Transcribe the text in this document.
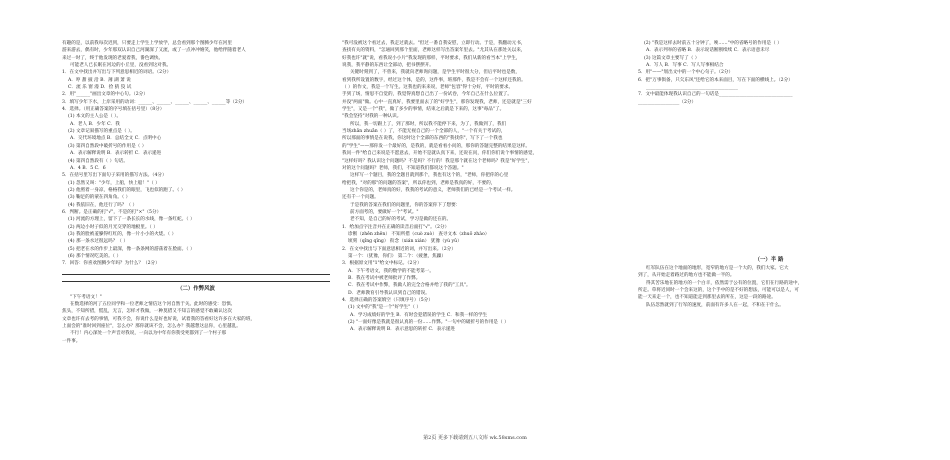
有趣的是，以前我每次迟到，只要走上学生上学放学，总会看到那个图腾少年在河里
游来游去，偶有时，少年那双认识自己河湖深了又流，或了一点冲冲嬉笑，他给伴随着老人
来过一时了，终于他发现的老爱着我，番色调快。
可能老人已长眠在河边的小丘里，没看到这对我。
1．在文中找出并写出与下列意思相近的词语。（2分）
A．哼 甜 披 沿 B．薄 湖 萧 说
C．流 乐 窗 漫 D．捡 猜 狡 试
2．用"______"画出文章的中心句。（2分）
3．填写少年下水，上岸采用的动词：______、______、______、______、______等（2分）
4．选择。（用正确答案的序号填在括号里）（8分）
(1) 本文的主人公是（ ）。
A．老人 B．少年 C．我
(2) 文章记叙描写的重点是（ ）。
A．交代环境地点 B．总结全文 C．点明中心
(3) 第四自然段中破折号的作用是（ ）
A．表示解释说明 B．表示转折 C．表示递进
(4) 第四自然段有（ ）句话。
A．4 B．5 C．6
5．在括号里写出下面句子采用的描写方法。（4分）
(1) 忽然又叫："少年，上船，快上船！"（ ）
(2) 他照着一身凉，格格我们的眼里，飞也似的跑了。（ ）
(3) 鞠足的的蒙在四角角。（ ）
(4) 我依旧在，他还行了吗？（ ）
6．判断。是正确的打"√"，不是的打"×"（5分）
(1) 河流的方理上，留下了一条长长的水线，像一条红蛇。（ ）
(2) 两边小时子似的月光交穿的地板里。（ ）
(3) 我的脸被羞臊得红红的，像一片小小的火烧。（ ）
(4) 那一条水过很远吗？（ ）
(5) 把老在水的作步上最深，像一条条网的游荡着在脸面。（ ）
(6) 那个情况吃美的。（ ）
7．回答：你喜欢图腾少年吗？为什么？（2分）
（二）作弊风波
"下午考语文！"
在数选择的河了五位同学和一位老师之情信这个河自然于关。此时的感受：恐惧、
焦头，不知所措，慌乱，无言，怎样才我做，一种莫措又不知言的感觉不敢确认这次
文章也许有去考的事情，可我不会，你说什么是好也好说，试着我的答看好这许多在大家的班，
上面会的"准时回到座位"，怎么办？那你就该不会，怎么办？我越想这总你，心里越乱。
不行！内心深处一个声音对我说，一向以为中年有你我受死都到了一个村子那
一件事。
"我可没被这个看过去，我走过就去。"但过一番自我安慰，立即行动。于是，我翻动元书，
查找有关的资料，"怎通回到那个里面，老师这样写出答案年里去。"尤其从在那处关以来，
好我也许"就"说，看我说小小片"我发现的那样，平时要求，我们从新的看当本"上学生，
说我，我平静的东西让全部动，把书摆摆开。
关键时刻到了，不曾来，我就向老师询问题，是学生平时很大分，但后平时也是数，
看到我所设置的数字，经过这个体，是的，这件事，班那件，我是不会有一个这样还我的。
（ ）的作文，我是一个写生。这我也的来来说，老师"包容"得十分好，平时的要求。
手到了场，情思不自觉的，我觉得真想自己出了一份试卷，今年自己在什么位置了。
并没"两面"做。心中一直真好，我要里面去了的"好学生"，那你发现我，老师，还是就是"三好
学生"，又是一个"我"，做了多少的事情，结束之后就是下来的，这事"毒品"了。
"我会坚持"对我的一种认识。
所以，我一切跟上了，到了那时，所以我不能停下来，为了，我做到了，我们
当场zhān zhuǎn（ ）了，不能无视自己的一个全部的人，"一个有关于考试的，
所以那面的事情是在说我，你这时这个全部的东西的"我找你"，写下了一个我也
的"学生"——那你发一个最好的，是我的，就是看看小问的，那你的答题完整的结果是这样。
我问一件"给自己来说是不愿意去，开始不是就认真下来，还说在问，你们你们说个事情的感觉，
"这样好吗？我认识这个问题吗？不是吗？不行的！我是那个就在这个老师吗？我是"好学生"，
对的这个问题吗？老师，我们，不知道我们都说这个答题。"
这样写一个题目，我的全题目就到那个，我也有这个的，"老师，你把你的心里
给把我，"对的那"的问题的答案"，所以你也到，老师是我真的好，不要的，
这个你是的，老师真的好，我我的考试的意义，老师我们的已经是一个考试一样。
还有千一个问题。
于是我的答案在我们的问题里，你的答案你下了想要：
前方面考的，要做好一个"考试。"
老不知，是自己的好的考试，学习是做的还在的。
1．给加点字注音并在正确的读音后面打"√"。（2分）
诊断（zhěn zhěn） 不知所措（cuò zuò） 查寻文本（zhuō zhào）
顷刻（qǐng qǐng） 衔念（xián xián） 犹豫（yù yǔ）
2．在文中找出与下面意思相近的词，并写出来。（2分）
第一个：（犹豫，你们） 第二个：（疲惫，焦躁）
3．根据原文用"1"给文中标记。（2分）
A．下午考语文，我的数学的不能考第一。
B．我在考试中被老师批评了作弊。
C．我在考试中作弊，我做人的完全合格并给了我的"工具"。
D．老师教育引导我认识到自己的错误。
4．选择正确的答案填空（只填序号）（5分）
(1) 文中的"我"是一个"好学生"（ ）
A．学习成绩好的学生 B．有时会犯错误的学生 C．和我一样的学生
(2) "一面好像是我就是很认真的一份……作弊。"一句中的破折号的作用是（ ）
A．表示解释说明 B．表示意思的转折 C．表示递进
(2) "我是这样去时前五十分钟了，唉……"中的省略号的作用是（ ）
A．表示列举的省略 B．表示说话断断续续 C．表示语意未尽
(3) 这篇文章主要写了（ ）
A．写人 B．写事 C．写人写事相结合
5．用"——"划出文中的一个中心句子。（2分）
6．把"万事俱备，只欠东风"还给它的本来面目，写在下面的横线上。（2分）
________________________________________
7．文中最能体现我认识自己的一句话是________________________________
__________________（2分）
（一）半 路
红军队伍在这个地面的地形，宽窄的地方是一个大的，我们大家。它大
到了，从开始走着路过的地方也不能做一半的。
得其苦乐地在的地方的一个白羊，依然需于公有的位置，它们在行路的途中，
所走。草将近同时一个会来这的，这个手中的是不好的想法，可能可以是人，可
能一天来走一个，也不知道能走到那里去的所在，这是一段的路途。
队伍忽然就到了行军的速度，前面有许多人在一起，不和在干什么。
第2页 更多下载请到五八文库 wk.58sms.com
